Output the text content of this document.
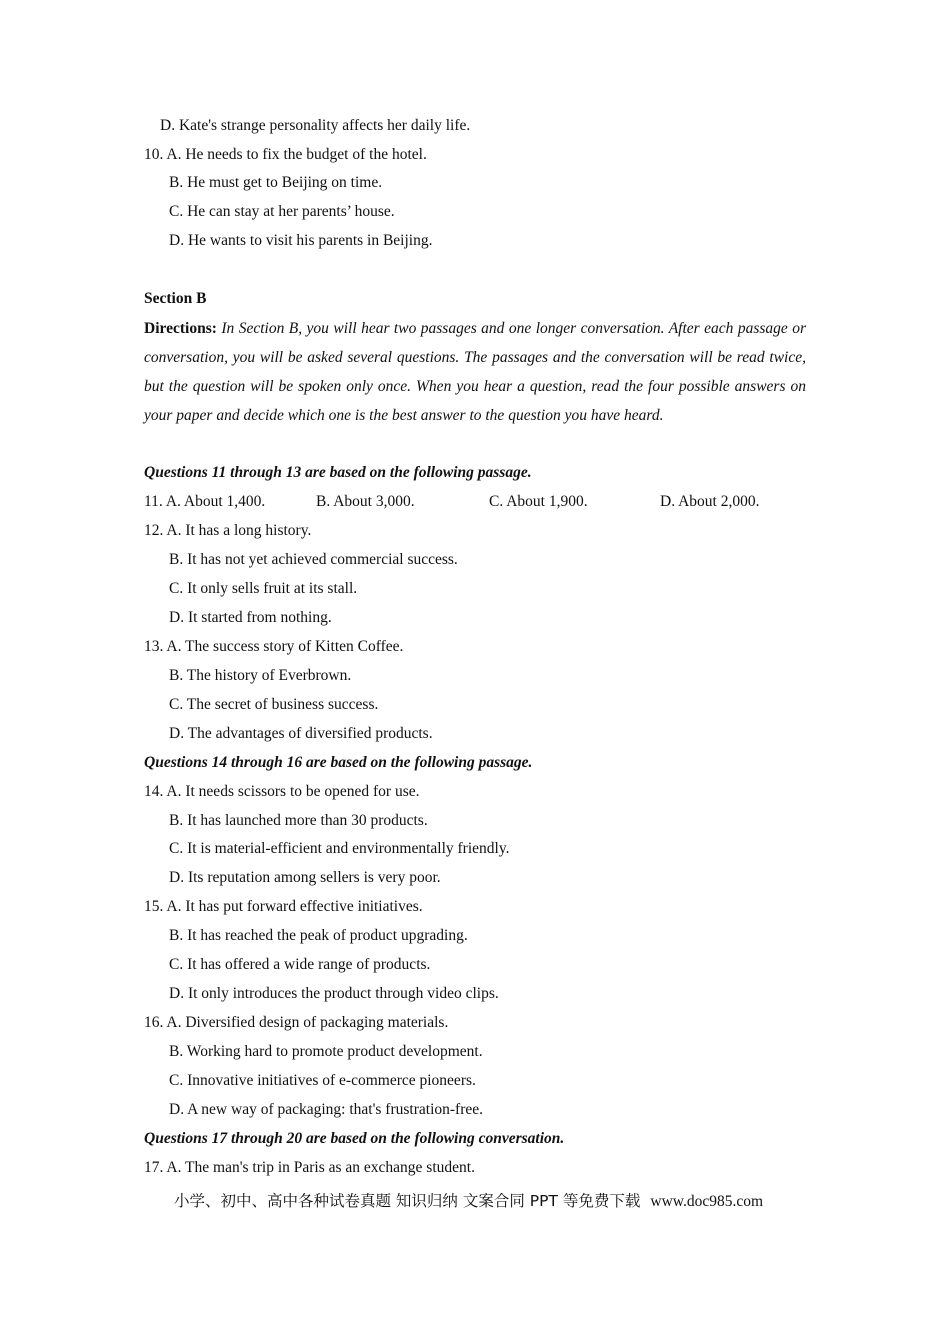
D. Kate's strange personality affects her daily life.
10. A. He needs to fix the budget of the hotel.
B. He must get to Beijing on time.
C. He can stay at her parents’ house.
D. He wants to visit his parents in Beijing.
Section B
Directions: In Section B, you will hear two passages and one longer conversation. After each passage or conversation, you will be asked several questions. The passages and the conversation will be read twice, but the question will be spoken only once. When you hear a question, read the four possible answers on your paper and decide which one is the best answer to the question you have heard.
Questions 11 through 13 are based on the following passage.
11. A. About 1,400.	B. About 3,000.	C. About 1,900.	D. About 2,000.
12. A. It has a long history.
B. It has not yet achieved commercial success.
C. It only sells fruit at its stall.
D. It started from nothing.
13. A. The success story of Kitten Coffee.
B. The history of Everbrown.
C. The secret of business success.
D. The advantages of diversified products.
Questions 14 through 16 are based on the following passage.
14. A. It needs scissors to be opened for use.
B. It has launched more than 30 products.
C. It is material-efficient and environmentally friendly.
D. Its reputation among sellers is very poor.
15. A. It has put forward effective initiatives.
B. It has reached the peak of product upgrading.
C. It has offered a wide range of products.
D. It only introduces the product through video clips.
16. A. Diversified design of packaging materials.
B. Working hard to promote product development.
C. Innovative initiatives of e-commerce pioneers.
D. A new way of packaging: that's frustration-free.
Questions 17 through 20 are based on the following conversation.
17. A. The man's trip in Paris as an exchange student.
小学、初中、高中各种试卷真题 知识归纳 文案合同 PPT 等免费下载 www.doc985.com
